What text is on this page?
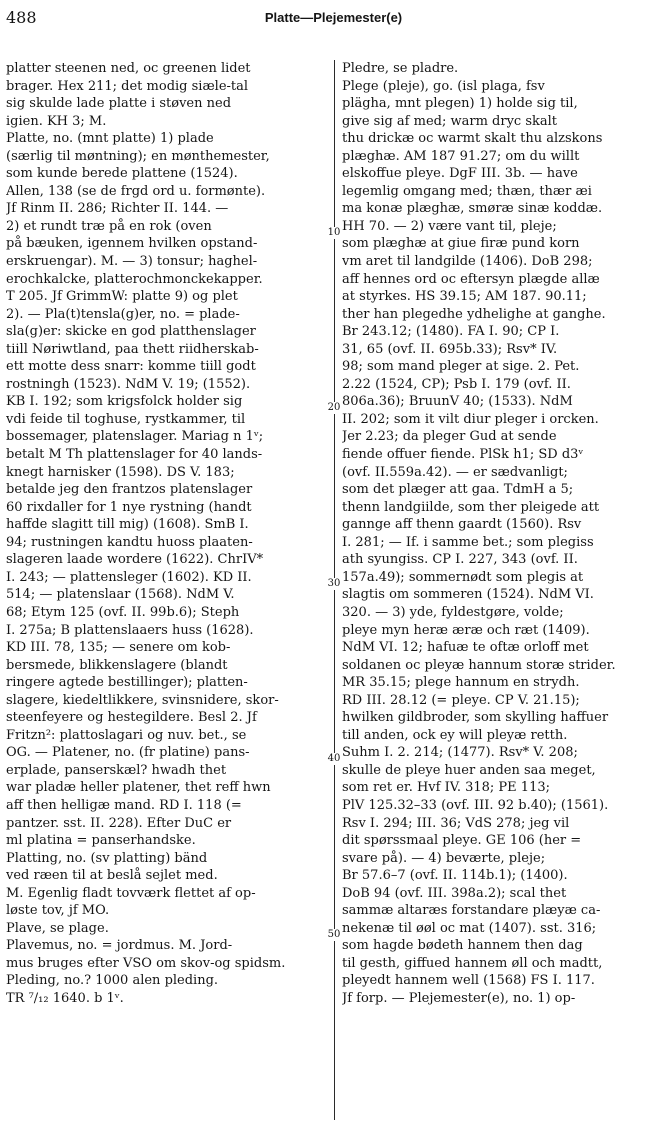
488	Platte—Plejemester(e)
10
20
30
40
50
platter steenen ned, oc greenen lidet
brager. Hex 211; det modig siæle-tal
sig skulde lade platte i støven ned
igien. KH 3; M.
Platte, no. (mnt platte) 1) plade
(særlig til møntning); en mønthemester,
som kunde berede plattene (1524).
Allen, 138 (se de frgd ord u. formønte).
Jf Rinm II. 286; Richter II. 144. —
2) et rundt træ på en rok (oven
på bæuken, igennem hvilken opstand-
erskruengar). M. — 3) tonsur; haghel-
erochkalcke, platterochmonckekapper.
T 205. Jf GrimmW: platte 9) og plet
2). — Pla(t)tensla(g)er, no. = plade-
sla(g)er: skicke en god platthenslager
tiill Nøriwtland, paa thett riidherskab-
ett motte dess snarr: komme tiill godt
rostningh (1523). NdM V. 19; (1552).
KB I. 192; som krigsfolck holder sig
vdi feide til toghuse, rystkammer, til
bossemager, platenslager. Mariag n 1ᵛ;
betalt M Th plattenslager for 40 lands-
knegt harnisker (1598). DS V. 183;
betalde jeg den frantzos platenslager
60 rixdaller for 1 nye rystning (handt
haffde slagitt till mig) (1608). SmB I.
94; rustningen kandtu huoss plaaten-
slageren laade wordere (1622). ChrIV*
I. 243; — plattensleger (1602). KD II.
514; — platenslaar (1568). NdM V.
68; Etym 125 (ovf. II. 99b.6); Steph
I. 275a; B plattenslaaers huss (1628).
KD III. 78, 135; — senere om kob-
bersmede, blikkenslagere (blandt
ringere agtede bestillinger); platten-
slagere, kiedeltlikkere, svinsnidere, skor-
steenfeyere og hestegildere. Besl 2. Jf
Fritzn²: plattoslagari og nuv. bet., se
OG. — Platener, no. (fr platine) pans-
erplade, panserskæl? hwadh thet
war pladæ heller platener, thet reff hwn
aff then helligæ mand. RD I. 118 (=
pantzer. sst. II. 228). Efter DuC er
ml platina = panserhandske.
Platting, no. (sv platting) bänd
ved ræen til at beslå sejlet med.
M. Egenlig fladt tovværk flettet af op-
løste tov, jf MO.
Plave, se plage.
Plavemus, no. = jordmus. M. Jord-
mus bruges efter VSO om skov-og spidsm.
Pleding, no.? 1000 alen pleding.
TR ⁷/₁₂ 1640. b 1ᵛ.
Pledre, se pladre.
Plege (pleje), go. (isl plaga, fsv
plägha, mnt plegen) 1) holde sig til,
give sig af med; warm dryc skalt
thu drickæ oc warmt skalt thu alzskons
plæghæ. AM 187 91.27; om du willt
elskoffue pleye. DgF III. 3b. — have
legemlig omgang med; thæn, thær æi
ma konæ plæghæ, smøræ sinæ koddæ.
HH 70. — 2) være vant til, pleje;
som plæghæ at giue firæ pund korn
vm aret til landgilde (1406). DoB 298;
aff hennes ord oc eftersyn plægde allæ
at styrkes. HS 39.15; AM 187. 90.11;
ther han plegedhe ydhelighe at ganghe.
Br 243.12; (1480). FA I. 90; CP I.
31, 65 (ovf. II. 695b.33); Rsv* IV.
98; som mand pleger at sige. 2. Pet.
2.22 (1524, CP); Psb I. 179 (ovf. II.
806a.36); BruunV 40; (1533). NdM
II. 202; som it vilt diur pleger i orcken.
Jer 2.23; da pleger Gud at sende
fiende offuer fiende. PlSk h1; SD d3ᵛ
(ovf. II.559a.42). — er sædvanligt;
som det plæger att gaa. TdmH a 5;
thenn landgiilde, som ther pleigede att
gannge aff thenn gaardt (1560). Rsv
I. 281; — If. i samme bet.; som plegiss
ath syungiss. CP I. 227, 343 (ovf. II.
157a.49); sommernødt som plegis at
slagtis om sommeren (1524). NdM VI.
320. — 3) yde, fyldestgøre, volde;
pleye myn heræ æræ och ræt (1409).
NdM VI. 12; hafuæ te oftæ orloff met
soldanen oc pleyæ hannum storæ strider.
MR 35.15; plege hannum en strydh.
RD III. 28.12 (= pleye. CP V. 21.15);
hwilken gildbroder, som skylling haffuer
till anden, ock ey will pleyæ retth.
Suhm I. 2. 214; (1477). Rsv* V. 208;
skulle de pleye huer anden saa meget,
som ret er. Hvf IV. 318; PE 113;
PlV 125.32–33 (ovf. III. 92 b.40); (1561).
Rsv I. 294; III. 36; VdS 278; jeg vil
dit spørssmaal pleye. GE 106 (her =
svare på). — 4) beværte, pleje;
Br 57.6–7 (ovf. II. 114b.1); (1400).
DoB 94 (ovf. III. 398a.2); scal thet
sammæ altaræs forstandare plæyæ ca-
nekenæ til øøl oc mat (1407). sst. 316;
som hagde bødeth hannem then dag
til gesth, giffued hannem øll och madtt,
pleyedt hannem well (1568) FS I. 117.
Jf forp. — Plejemester(e), no. 1) op-
